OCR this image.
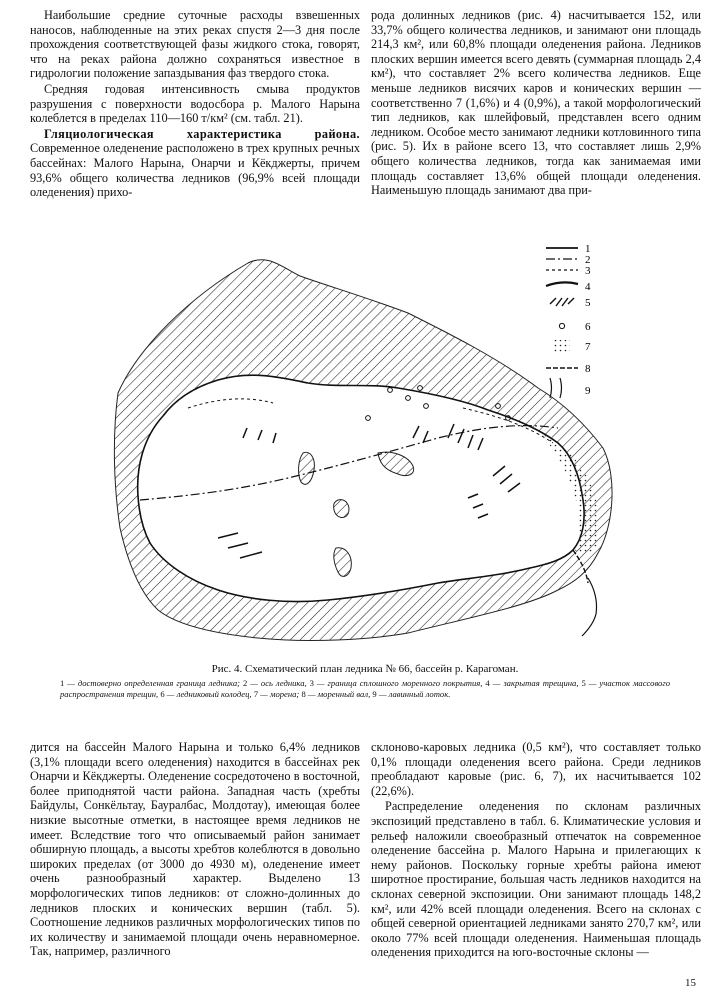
Наибольшие средние суточные расходы взвешенных наносов, наблюденные на этих реках спустя 2—3 дня после прохождения соответствующей фазы жидкого стока, говорят, что на реках района должно сохраняться известное в гидрологии положение запаздывания фаз твердого стока.

Средняя годовая интенсивность смыва продуктов разрушения с поверхности водосбора р. Малого Нарына колеблется в пределах 110—160 т/км² (см. табл. 21).

Гляциологическая характеристика района. Современное оледенение расположено в трех крупных речных бассейнах: Малого Нарына, Онарчи и Кёкджерты, причем 93,6% общего количества ледников (96,9% всей площади оледенения) прихо-

рода долинных ледников (рис. 4) насчитывается 152, или 33,7% общего количества ледников, и занимают они площадь 214,3 км², или 60,8% площади оледенения района. Ледников плоских вершин имеется всего девять (суммарная площадь 2,4 км²), что составляет 2% всего количества ледников. Еще меньше ледников висячих каров и конических вершин — соответственно 7 (1,6%) и 4 (0,9%), а такой морфологический тип ледников, как шлейфовый, представлен всего одним ледником. Особое место занимают ледники котловинного типа (рис. 5). Их в районе всего 13, что составляет лишь 2,9% общего количества ледников, тогда как занимаемая ими площадь составляет 13,6% общей площади оледенения. Наименьшую площадь занимают два при-

1
2
3
4
5
6
7
8
9
Рис. 4. Схематический план ледника № 66, бассейн р. Карагоман.
1 — достоверно определенная граница ледника; 2 — ось ледника, 3 — граница сплошного моренного покрытия, 4 — закрытая трещина, 5 — участок массового распространения трещин, 6 — ледниковый колодец, 7 — морена; 8 — моренный вал, 9 — лавинный лоток.

дится на бассейн Малого Нарына и только 6,4% ледников (3,1% площади всего оледенения) находится в бассейнах рек Онарчи и Кёкджерты. Оледенение сосредоточено в восточной, более приподнятой части района. Западная часть (хребты Байдулы, Сонкёльтау, Бауралбас, Молдотау), имеющая более низкие высотные отметки, в настоящее время ледников не имеет. Вследствие того что описываемый район занимает обширную площадь, а высоты хребтов колеблются в довольно широких пределах (от 3000 до 4930 м), оледенение имеет очень разнообразный характер. Выделено 13 морфологических типов ледников: от сложно-долинных до ледников плоских и конических вершин (табл. 5). Соотношение ледников различных морфологических типов по их количеству и занимаемой площади очень неравномерное. Так, например, различного

склоново-каровых ледника (0,5 км²), что составляет только 0,1% площади оледенения всего района. Среди ледников преобладают каровые (рис. 6, 7), их насчитывается 102 (22,6%).

Распределение оледенения по склонам различных экспозиций представлено в табл. 6. Климатические условия и рельеф наложили своеобразный отпечаток на современное оледенение бассейна р. Малого Нарына и прилегающих к нему районов. Поскольку горные хребты района имеют широтное простирание, большая часть ледников находится на склонах северной экспозиции. Они занимают площадь 148,2 км², или 42% всей площади оледенения. Всего на склонах с общей северной ориентацией ледниками занято 270,7 км², или около 77% всей площади оледенения. Наименьшая площадь оледенения приходится на юго-восточные склоны —

15
